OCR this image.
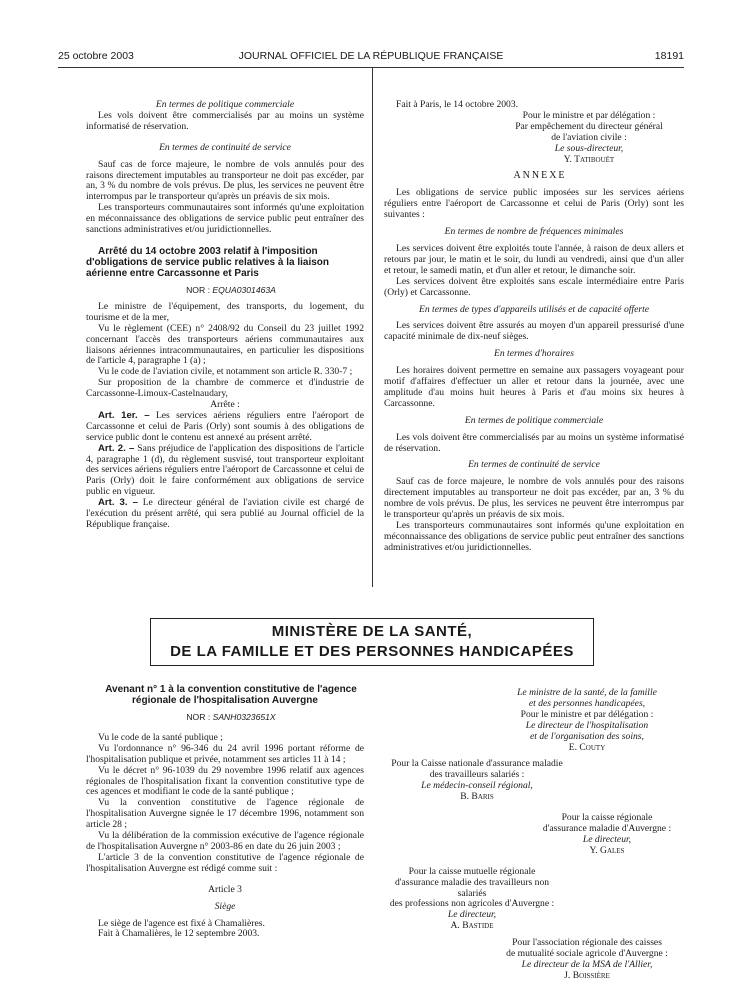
25 octobre 2003	JOURNAL OFFICIEL DE LA RÉPUBLIQUE FRANÇAISE	18191

En termes de politique commerciale

Les vols doivent être commercialisés par au moins un système informatisé de réservation.

En termes de continuité de service

Sauf cas de force majeure, le nombre de vols annulés pour des raisons directement imputables au transporteur ne doit pas excéder, par an, 3 % du nombre de vols prévus. De plus, les services ne peuvent être interrompus par le transporteur qu'après un préavis de six mois.

Les transporteurs communautaires sont informés qu'une exploitation en méconnaissance des obligations de service public peut entraîner des sanctions administratives et/ou juridictionnelles.

Arrêté du 14 octobre 2003 relatif à l'imposition d'obligations de service public relatives à la liaison aérienne entre Carcassonne et Paris

NOR : EQUA0301463A

Le ministre de l'équipement, des transports, du logement, du tourisme et de la mer,

Vu le règlement (CEE) n° 2408/92 du Conseil du 23 juillet 1992 concernant l'accès des transporteurs aériens communautaires aux liaisons aériennes intracommunautaires, en particulier les dispositions de l'article 4, paragraphe 1 (a) ;

Vu le code de l'aviation civile, et notamment son article R. 330-7 ;

Sur proposition de la chambre de commerce et d'industrie de Carcassonne-Limoux-Castelnaudary,

Arrête :

Art. 1er. – Les services aériens réguliers entre l'aéroport de Carcassonne et celui de Paris (Orly) sont soumis à des obligations de service public dont le contenu est annexé au présent arrêté.

Art. 2. – Sans préjudice de l'application des dispositions de l'article 4, paragraphe 1 (d), du règlement susvisé, tout transporteur exploitant des services aériens réguliers entre l'aéroport de Carcassonne et celui de Paris (Orly) doit le faire conformément aux obligations de service public en vigueur.

Art. 3. – Le directeur général de l'aviation civile est chargé de l'exécution du présent arrêté, qui sera publié au Journal officiel de la République française.

Fait à Paris, le 14 octobre 2003.

Pour le ministre et par délégation :

Par empêchement du directeur général

de l'aviation civile :

Le sous-directeur,

Y. Tatibouët

ANNEXE

Les obligations de service public imposées sur les services aériens réguliers entre l'aéroport de Carcassonne et celui de Paris (Orly) sont les suivantes :

En termes de nombre de fréquences minimales

Les services doivent être exploités toute l'année, à raison de deux allers et retours par jour, le matin et le soir, du lundi au vendredi, ainsi que d'un aller et retour, le samedi matin, et d'un aller et retour, le dimanche soir.

Les services doivent être exploités sans escale intermédiaire entre Paris (Orly) et Carcassonne.

En termes de types d'appareils utilisés et de capacité offerte

Les services doivent être assurés au moyen d'un appareil pressurisé d'une capacité minimale de dix-neuf sièges.

En termes d'horaires

Les horaires doivent permettre en semaine aux passagers voyageant pour motif d'affaires d'effectuer un aller et retour dans la journée, avec une amplitude d'au moins huit heures à Paris et d'au moins six heures à Carcassonne.

En termes de politique commerciale

Les vols doivent être commercialisés par au moins un système informatisé de réservation.

En termes de continuité de service

Sauf cas de force majeure, le nombre de vols annulés pour des raisons directement imputables au transporteur ne doit pas excéder, par an, 3 % du nombre de vols prévus. De plus, les services ne peuvent être interrompus par le transporteur qu'après un préavis de six mois.

Les transporteurs communautaires sont informés qu'une exploitation en méconnaissance des obligations de service public peut entraîner des sanctions administratives et/ou juridictionnelles.

MINISTÈRE DE LA SANTÉ,
DE LA FAMILLE ET DES PERSONNES HANDICAPÉES

Avenant n° 1 à la convention constitutive de l'agence régionale de l'hospitalisation Auvergne

NOR : SANH0323651X

Vu le code de la santé publique ;

Vu l'ordonnance n° 96-346 du 24 avril 1996 portant réforme de l'hospitalisation publique et privée, notamment ses articles 11 à 14 ;

Vu le décret n° 96-1039 du 29 novembre 1996 relatif aux agences régionales de l'hospitalisation fixant la convention constitutive type de ces agences et modifiant le code de la santé publique ;

Vu la convention constitutive de l'agence régionale de l'hospitalisation Auvergne signée le 17 décembre 1996, notamment son article 28 ;

Vu la délibération de la commission exécutive de l'agence régionale de l'hospitalisation Auvergne n° 2003-86 en date du 26 juin 2003 ;

L'article 3 de la convention constitutive de l'agence régionale de l'hospitalisation Auvergne est rédigé comme suit :

Article 3

Siège

Le siège de l'agence est fixé à Chamalières.

Fait à Chamalières, le 12 septembre 2003.

Le ministre de la santé, de la famille

et des personnes handicapées,

Pour le ministre et par délégation :

Le directeur de l'hospitalisation

et de l'organisation des soins,

E. Couty

Pour la Caisse nationale d'assurance maladie

des travailleurs salariés :

Le médecin-conseil régional,

B. Baris

Pour la caisse régionale

d'assurance maladie d'Auvergne :

Le directeur,

Y. Gales

Pour la caisse mutuelle régionale

d'assurance maladie des travailleurs non salariés

des professions non agricoles d'Auvergne :

Le directeur,

A. Bastide

Pour l'association régionale des caisses

de mutualité sociale agricole d'Auvergne :

Le directeur de la MSA de l'Allier,

J. Boissière
